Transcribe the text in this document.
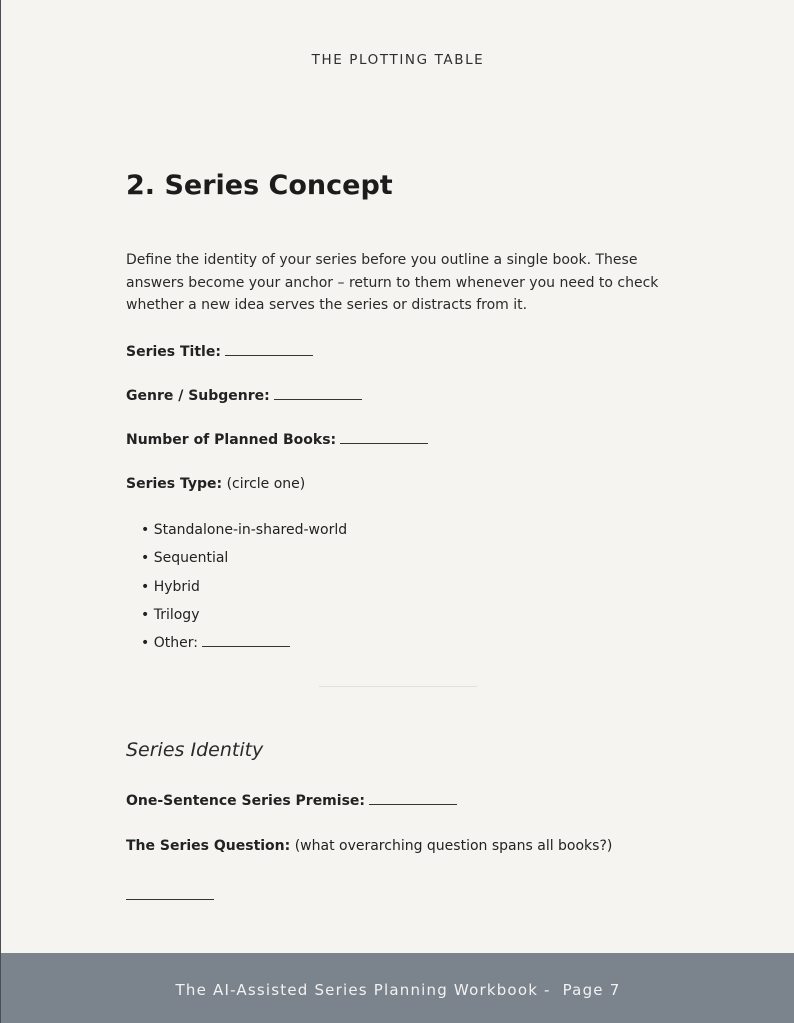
THE PLOTTING TABLE
2. Series Concept

Define the identity of your series before you outline a single book. These answers become your anchor – return to them whenever you need to check whether a new idea serves the series or distracts from it.

Series Title:
Genre / Subgenre:
Number of Planned Books:
Series Type: (circle one)
• Standalone-in-shared-world
• Sequential
• Hybrid
• Trilogy
• Other:
Series Identity
One-Sentence Series Premise:
The Series Question: (what overarching question spans all books?)
The AI-Assisted Series Planning Workbook - Page 7
